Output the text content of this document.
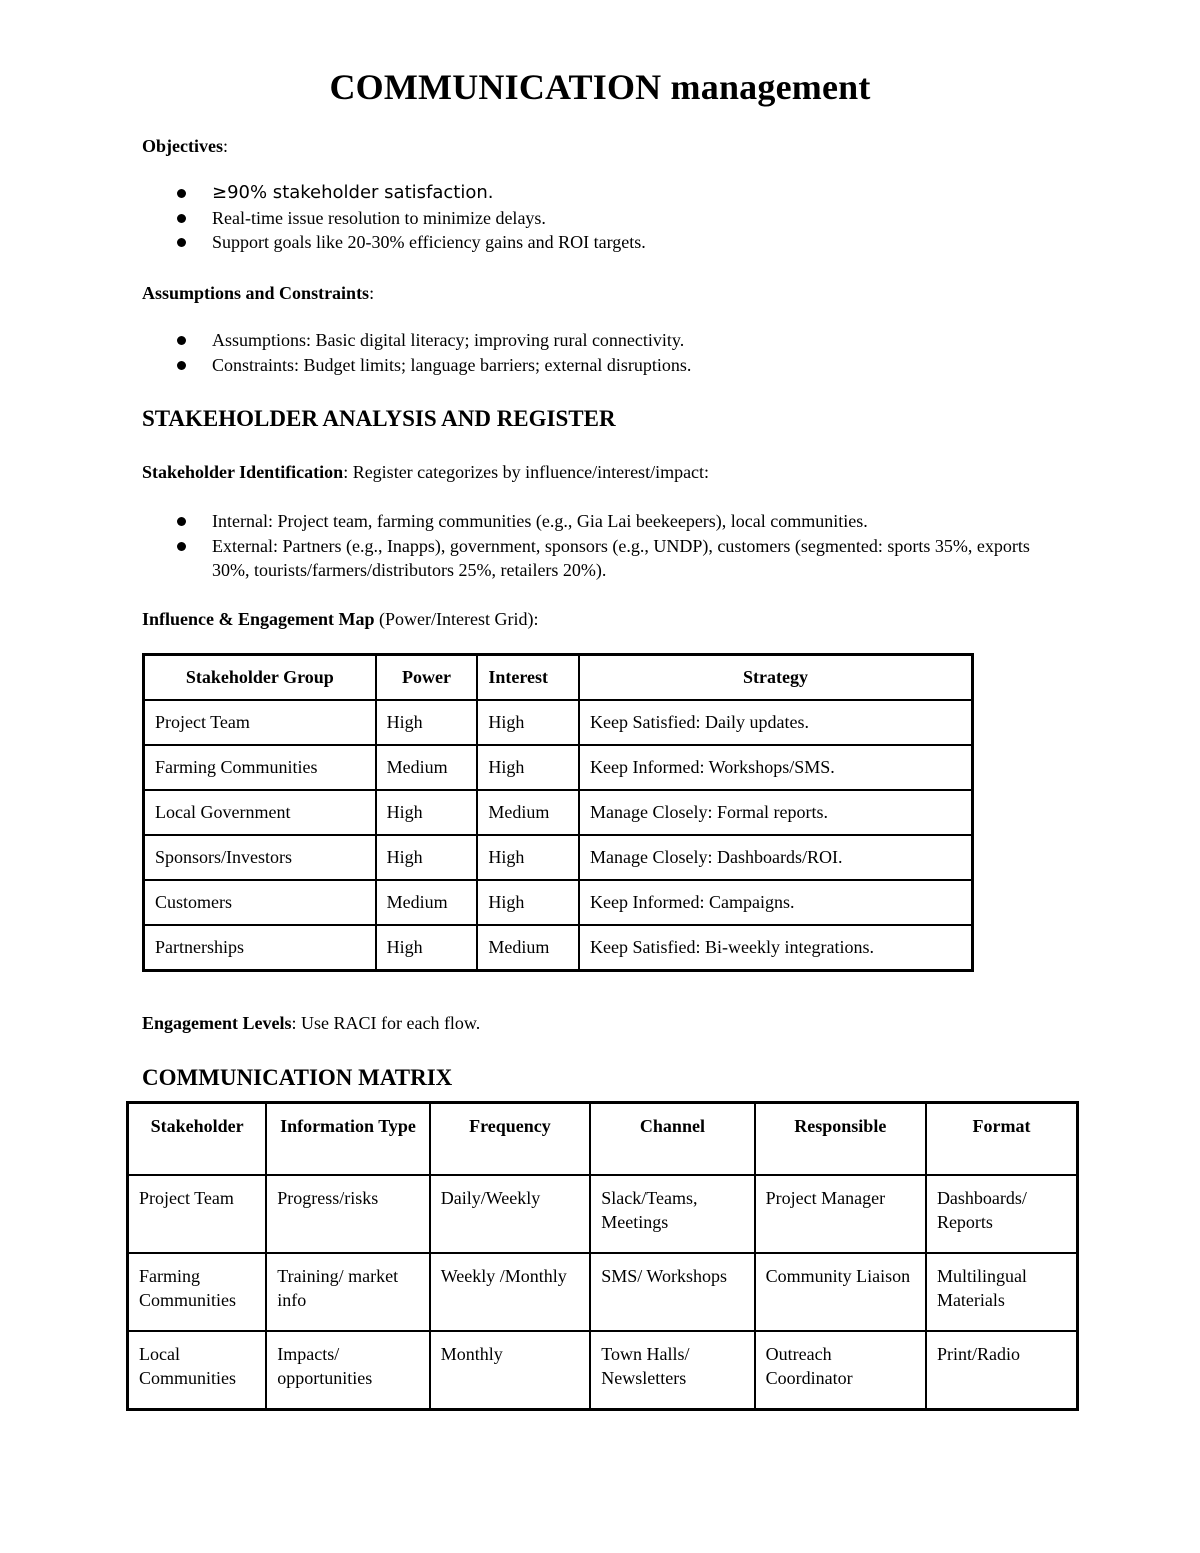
COMMUNICATION management

Objectives:

≥90% stakeholder satisfaction.
Real-time issue resolution to minimize delays.
Support goals like 20-30% efficiency gains and ROI targets.

Assumptions and Constraints:

Assumptions: Basic digital literacy; improving rural connectivity.
Constraints: Budget limits; language barriers; external disruptions.
STAKEHOLDER ANALYSIS AND REGISTER

Stakeholder Identification: Register categorizes by influence/interest/impact:

Internal: Project team, farming communities (e.g., Gia Lai beekeepers), local communities.
External: Partners (e.g., Inapps), government, sponsors (e.g., UNDP), customers (segmented: sports 35%, exports 30%, tourists/farmers/distributors 25%, retailers 20%).

Influence & Engagement Map (Power/Interest Grid):

Stakeholder Group	Power	Interest	Strategy
Project Team	High	High	Keep Satisfied: Daily updates.
Farming Communities	Medium	High	Keep Informed: Workshops/SMS.
Local Government	High	Medium	Manage Closely: Formal reports.
Sponsors/Investors	High	High	Manage Closely: Dashboards/ROI.
Customers	Medium	High	Keep Informed: Campaigns.
Partnerships	High	Medium	Keep Satisfied: Bi-weekly integrations.

Engagement Levels: Use RACI for each flow.

COMMUNICATION MATRIX
Stakeholder	Information Type	Frequency	Channel	Responsible	Format
Project Team	Progress/risks	Daily/Weekly	Slack/Teams, Meetings	Project Manager	Dashboards/ Reports
Farming Communities	Training/ market info	Weekly /Monthly	SMS/ Workshops	Community Liaison	Multilingual Materials
Local Communities	Impacts/ opportunities	Monthly	Town Halls/ Newsletters	Outreach Coordinator	Print/Radio
